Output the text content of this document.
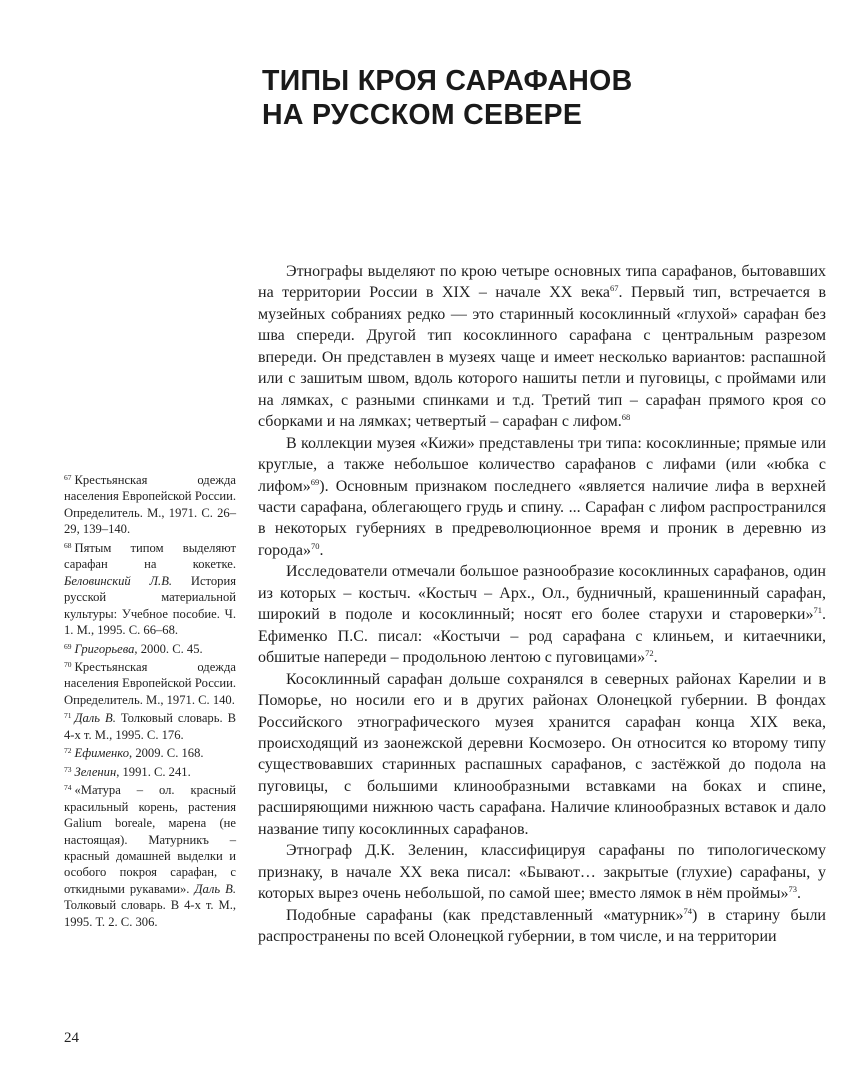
ТИПЫ КРОЯ САРАФАНОВ
НА РУССКОМ СЕВЕРЕ

Этнографы выделяют по крою четыре основных типа сарафанов, бытовавших на территории России в XIX – начале XX века$^{67}$. Первый тип, встречается в музейных собраниях редко — это старинный косоклинный «глухой» сарафан без шва спереди. Другой тип косоклинного сарафана с центральным разрезом впереди. Он представлен в музеях чаще и имеет несколько вариантов: распашной или с зашитым швом, вдоль которого нашиты петли и пуговицы, с проймами или на лямках, с разными спинками и т.д. Третий тип – сарафан прямого кроя со сборками и на лямках; четвертый – сарафан с лифом.$^{68}$

В коллекции музея «Кижи» представлены три типа: косоклинные; прямые или круглые, а также небольшое количество сарафанов с лифами (или «юбка с лифом»$^{69}$). Основным признаком последнего «является наличие лифа в верхней части сарафана, облегающего грудь и спину. ... Сарафан с лифом распространился в некоторых губерниях в предреволюционное время и проник в деревню из города»$^{70}$.

Исследователи отмечали большое разнообразие косоклинных сарафанов, один из которых – костыч. «Костыч – Арх., Ол., будничный, крашенинный сарафан, широкий в подоле и косоклинный; носят его более старухи и староверки»$^{71}$. Ефименко П.С. писал: «Костычи – род сарафана с клиньем, и китаечники, обшитые напереди – продольною лентою с пуговицами»$^{72}$.

Косоклинный сарафан дольше сохранялся в северных районах Карелии и в Поморье, но носили его и в других районах Олонецкой губернии. В фондах Российского этнографического музея хранится сарафан конца XIX века, происходящий из заонежской деревни Космозеро. Он относится ко второму типу существовавших старинных распашных сарафанов, с застёжкой до подола на пуговицы, с большими клинообразными вставками на боках и спине, расширяющими нижнюю часть сарафана. Наличие клинообразных вставок и дало название типу косоклинных сарафанов.

Этнограф Д.К. Зеленин, классифицируя сарафаны по типологическому признаку, в начале XX века писал: «Бывают… закрытые (глухие) сарафаны, у которых вырез очень небольшой, по самой шее; вместо лямок в нём проймы»$^{73}$.

Подобные сарафаны (как представленный «матурник»$^{74}$) в старину были распространены по всей Олонецкой губернии, в том числе, и на территории

$^{67}$ Крестьянская одежда населения Европейской России. Определитель. М., 1971. С. 26–29, 139–140.

$^{68}$ Пятым типом выделяют сарафан на кокетке. Беловинский Л.В. История русской материальной культуры: Учебное пособие. Ч. 1. М., 1995. С. 66–68.

$^{69}$ Григорьева, 2000. С. 45.

$^{70}$ Крестьянская одежда населения Европейской России. Определитель. М., 1971. С. 140.

$^{71}$ Даль В. Толковый словарь. В 4-х т. М., 1995. С. 176.

$^{72}$ Ефименко, 2009. С. 168.

$^{73}$ Зеленин, 1991. С. 241.

$^{74}$ «Матура – ол. красный красильный корень, растения Galium boreale, марена (не настоящая). Матурникъ – красный домашней выделки и особого покроя сарафан, с откидными рукавами». Даль В. Толковый словарь. В 4-х т. М., 1995. Т. 2. С. 306.

24
